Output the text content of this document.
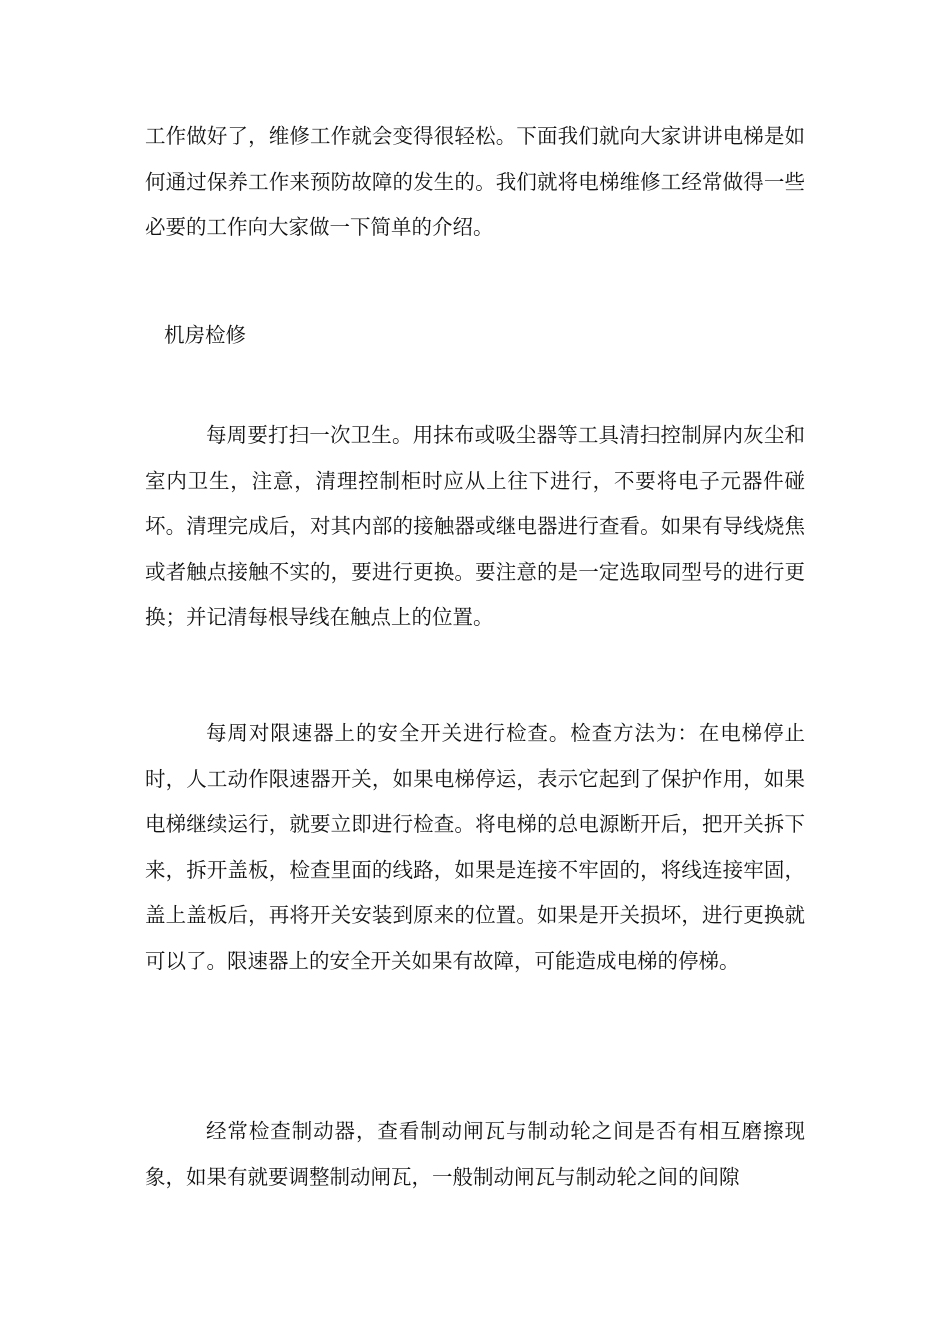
工作做好了，维修工作就会变得很轻松。下面我们就向大家讲讲电梯是如何通过保养工作来预防故障的发生的。我们就将电梯维修工经常做得一些必要的工作向大家做一下简单的介绍。

机房检修

每周要打扫一次卫生。用抹布或吸尘器等工具清扫控制屏内灰尘和室内卫生，注意，清理控制柜时应从上往下进行，不要将电子元器件碰坏。清理完成后，对其内部的接触器或继电器进行查看。如果有导线烧焦或者触点接触不实的，要进行更换。要注意的是一定选取同型号的进行更换；并记清每根导线在触点上的位置。

每周对限速器上的安全开关进行检查。检查方法为：在电梯停止时，人工动作限速器开关，如果电梯停运，表示它起到了保护作用，如果电梯继续运行，就要立即进行检查。将电梯的总电源断开后，把开关拆下来，拆开盖板，检查里面的线路，如果是连接不牢固的，将线连接牢固，盖上盖板后，再将开关安装到原来的位置。如果是开关损坏，进行更换就可以了。限速器上的安全开关如果有故障，可能造成电梯的停梯。

经常检查制动器，查看制动闸瓦与制动轮之间是否有相互磨擦现象，如果有就要调整制动闸瓦，一般制动闸瓦与制动轮之间的间隙
